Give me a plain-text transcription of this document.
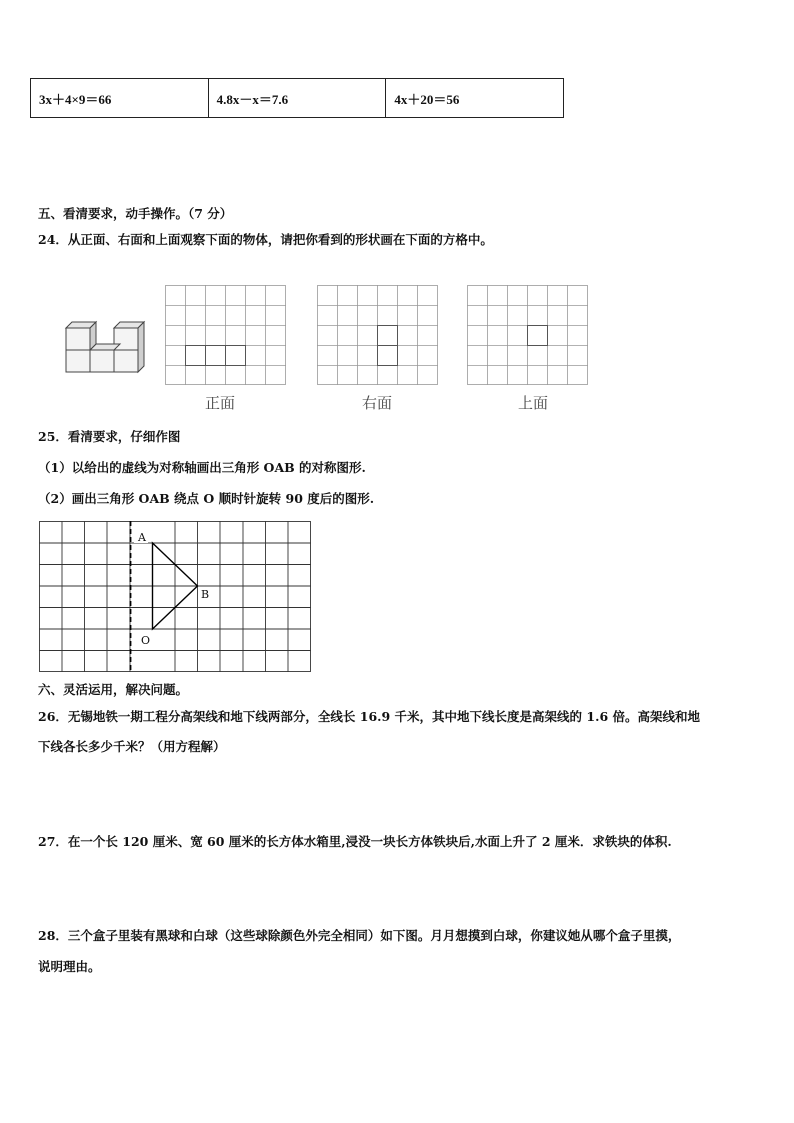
3x＋4×9＝66	4.8x－x＝7.6	4x＋20＝56
五、看清要求，动手操作。（7 分）
24．从正面、右面和上面观察下面的物体，请把你看到的形状画在下面的方格中。
正面	右面	上面
25．看清要求，仔细作图
（1）以给出的虚线为对称轴画出三角形 OAB 的对称图形.
（2）画出三角形 OAB 绕点 O 顺时针旋转 90 度后的图形.
A
B
O
六、灵活运用，解决问题。
26．无锡地铁一期工程分高架线和地下线两部分，全线长 16.9 千米，其中地下线长度是高架线的 1.6 倍。高架线和地
下线各长多少千米？（用方程解）
27．在一个长 120 厘米、宽 60 厘米的长方体水箱里,浸没一块长方体铁块后,水面上升了 2 厘米．求铁块的体积.
28．三个盒子里装有黑球和白球（这些球除颜色外完全相同）如下图。月月想摸到白球，你建议她从哪个盒子里摸，
说明理由。
